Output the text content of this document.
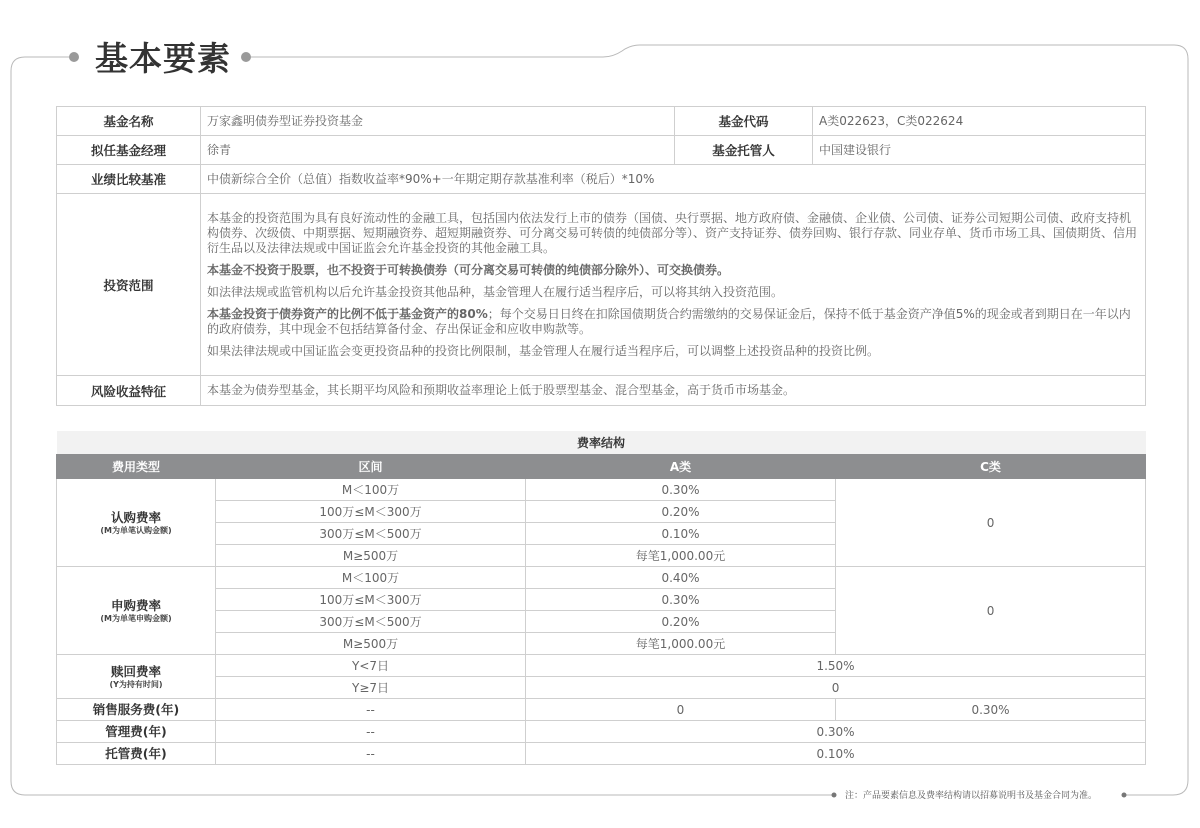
基本要素
基金名称	万家鑫明债券型证券投资基金	基金代码	A类022623，C类022624
拟任基金经理	徐青	基金托管人	中国建设银行
业绩比较基准	中债新综合全价（总值）指数收益率*90%+一年期定期存款基准利率（税后）*10%		
投资范围	本基金的投资范围为具有良好流动性的金融工具，包括国内依法发行上市的债券（国债、央行票据、地方政府债、金融债、企业债、公司债、证券公司短期公司债、政府支持机构债券、次级债、中期票据、短期融资券、超短期融资券、可分离交易可转债的纯债部分等）、资产支持证券、债券回购、银行存款、同业存单、货币市场工具、国债期货、信用衍生品以及法律法规或中国证监会允许基金投资的其他金融工具。
本基金不投资于股票，也不投资于可转换债券（可分离交易可转债的纯债部分除外）、可交换债券。
如法律法规或监管机构以后允许基金投资其他品种，基金管理人在履行适当程序后，可以将其纳入投资范围。
本基金投资于债券资产的比例不低于基金资产的80%；每个交易日日终在扣除国债期货合约需缴纳的交易保证金后，保持不低于基金资产净值5%的现金或者到期日在一年以内的政府债券，其中现金不包括结算备付金、存出保证金和应收申购款等。
如果法律法规或中国证监会变更投资品种的投资比例限制，基金管理人在履行适当程序后，可以调整上述投资品种的投资比例。		

风险收益特征	本基金为债券型基金，其长期平均风险和预期收益率理论上低于股票型基金、混合型基金，高于货币市场基金。		
费率结构			
费用类型	区间	A类	C类
认购费率
(M为单笔认购金额)	M＜100万	0.30%	0
	100万≤M＜300万	0.20%	
	300万≤M＜500万	0.10%	
	M≥500万	每笔1,000.00元	
申购费率
(M为单笔申购金额)	M＜100万	0.40%	0
	100万≤M＜300万	0.30%	
	300万≤M＜500万	0.20%	
	M≥500万	每笔1,000.00元	
赎回费率
(Y为持有时间)	Y<7日	1.50%	
	Y≥7日	0	
销售服务费(年)	--	0	0.30%
管理费(年)	--	0.30%	
托管费(年)	--	0.10%	
注：产品要素信息及费率结构请以招募说明书及基金合同为准。
